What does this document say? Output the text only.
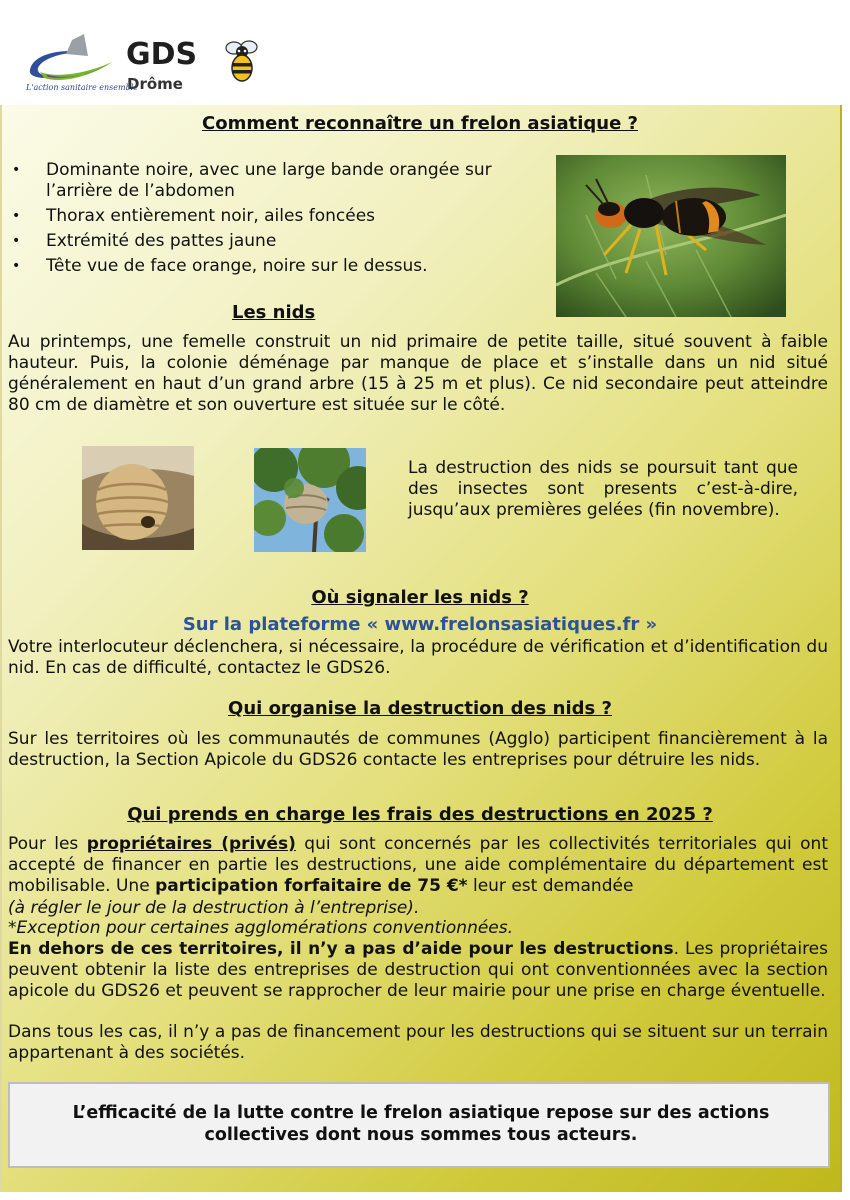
GDS
Drôme
L'action sanitaire ensemble
Comment reconnaître un frelon asiatique ?
• Dominante noire, avec une large bande orangée sur l’arrière de l’abdomen
• Thorax entièrement noir, ailes foncées
• Extrémité des pattes jaune
• Tête vue de face orange, noire sur le dessus.
Les nids
Au printemps, une femelle construit un nid primaire de petite taille, situé souvent à faible hauteur. Puis, la colonie déménage par manque de place et s’installe dans un nid situé généralement en haut d’un grand arbre (15 à 25 m et plus). Ce nid secondaire peut atteindre 80 cm de diamètre et son ouverture est située sur le côté.
La destruction des nids se poursuit tant que des insectes sont presents c’est-à-dire, jusqu’aux premières gelées (fin novembre).
Où signaler les nids ?
Sur la plateforme « www.frelonsasiatiques.fr »
Votre interlocuteur déclenchera, si nécessaire, la procédure de vérification et d’identification du nid. En cas de difficulté, contactez le GDS26.
Qui organise la destruction des nids ?
Sur les territoires où les communautés de communes (Agglo) participent financièrement à la destruction, la Section Apicole du GDS26 contacte les entreprises pour détruire les nids.
Qui prends en charge les frais des destructions en 2025 ?
Pour les propriétaires (privés) qui sont concernés par les collectivités territoriales qui ont accepté de financer en partie les destructions, une aide complémentaire du département est mobilisable. Une participation forfaitaire de 75 €* leur est demandée
(à régler le jour de la destruction à l’entreprise).
*Exception pour certaines agglomérations conventionnées.
En dehors de ces territoires, il n’y a pas d’aide pour les destructions. Les propriétaires peuvent obtenir la liste des entreprises de destruction qui ont conventionnées avec la section apicole du GDS26 et peuvent se rapprocher de leur mairie pour une prise en charge éventuelle.
Dans tous les cas, il n’y a pas de financement pour les destructions qui se situent sur un terrain appartenant à des sociétés.
L’efficacité de la lutte contre le frelon asiatique repose sur des actions collectives dont nous sommes tous acteurs.
